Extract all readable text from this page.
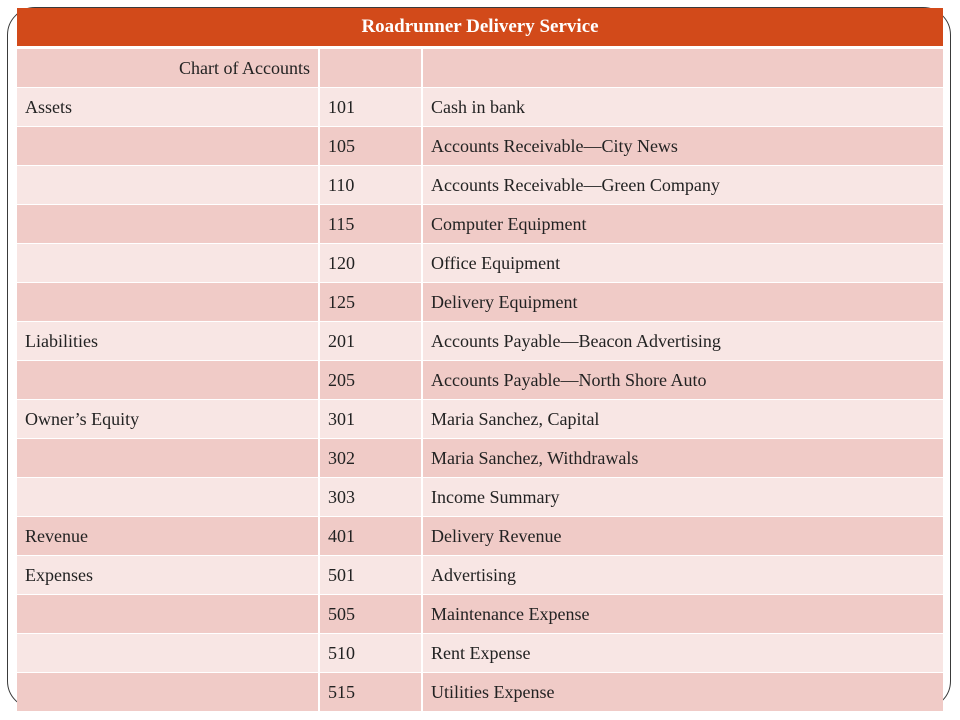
Roadrunner Delivery Service		
Chart of Accounts		
Assets	101	Cash in bank
	105	Accounts Receivable—City News
	110	Accounts Receivable—Green Company
	115	Computer Equipment
	120	Office Equipment
	125	Delivery Equipment
Liabilities	201	Accounts Payable—Beacon Advertising
	205	Accounts Payable—North Shore Auto
Owner’s Equity	301	Maria Sanchez, Capital
	302	Maria Sanchez, Withdrawals
	303	Income Summary
Revenue	401	Delivery Revenue
Expenses	501	Advertising
	505	Maintenance Expense
	510	Rent Expense
	515	Utilities Expense
